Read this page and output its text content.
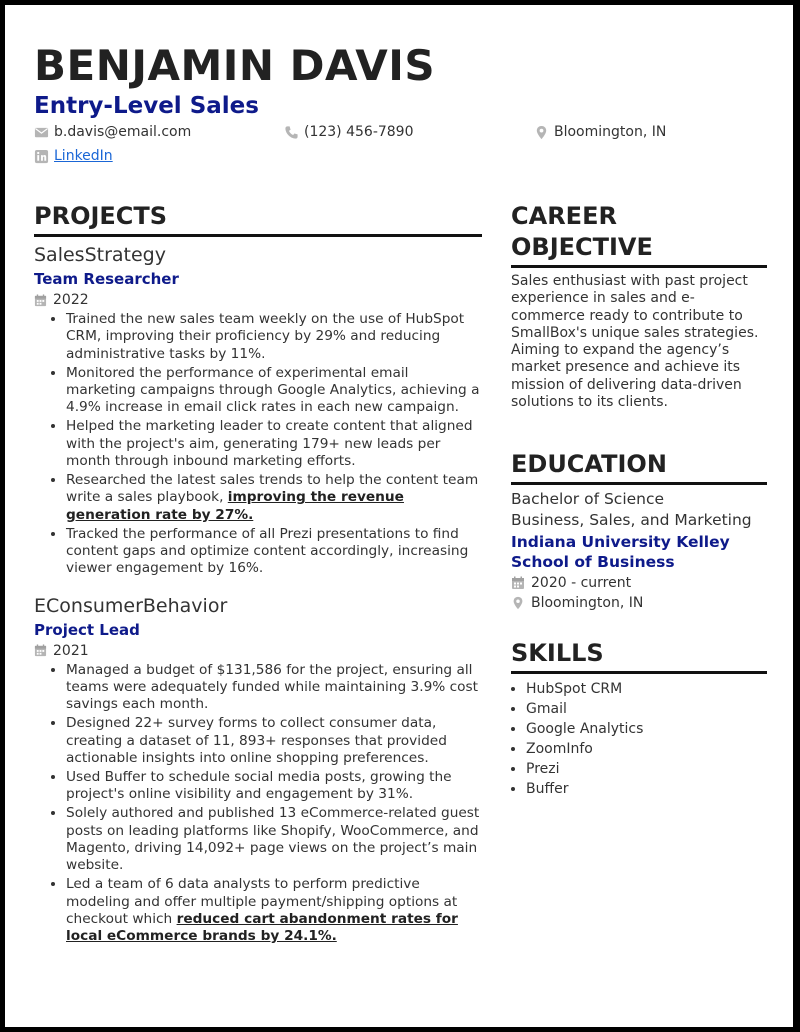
BENJAMIN DAVIS
Entry-Level Sales
b.davis@email.com	(123) 456-7890	Bloomington, IN
LinkedIn
PROJECTS

SalesStrategy

Team Researcher

2022
• Trained the new sales team weekly on the use of HubSpot CRM, improving their proficiency by 29% and reducing administrative tasks by 11%.
• Monitored the performance of experimental email marketing campaigns through Google Analytics, achieving a 4.9% increase in email click rates in each new campaign.
• Helped the marketing leader to create content that aligned with the project's aim, generating 179+ new leads per month through inbound marketing efforts.
• Researched the latest sales trends to help the content team write a sales playbook, improving the revenue generation rate by 27%.
• Tracked the performance of all Prezi presentations to find content gaps and optimize content accordingly, increasing viewer engagement by 16%.

EConsumerBehavior

Project Lead

2021
• Managed a budget of $131,586 for the project, ensuring all teams were adequately funded while maintaining 3.9% cost savings each month.
• Designed 22+ survey forms to collect consumer data, creating a dataset of 11, 893+ responses that provided actionable insights into online shopping preferences.
• Used Buffer to schedule social media posts, growing the project's online visibility and engagement by 31%.
• Solely authored and published 13 eCommerce-related guest posts on leading platforms like Shopify, WooCommerce, and Magento, driving 14,092+ page views on the project’s main website.
• Led a team of 6 data analysts to perform predictive modeling and offer multiple payment/shipping options at checkout which reduced cart abandonment rates for local eCommerce brands by 24.1%.
CAREER OBJECTIVE

Sales enthusiast with past project experience in sales and e-commerce ready to contribute to SmallBox's unique sales strategies. Aiming to expand the agency’s market presence and achieve its mission of delivering data-driven solutions to its clients.

EDUCATION

Bachelor of Science

Business, Sales, and Marketing

Indiana University Kelley School of Business

2020 - current
Bloomington, IN
SKILLS
• HubSpot CRM
• Gmail
• Google Analytics
• ZoomInfo
• Prezi
• Buffer
